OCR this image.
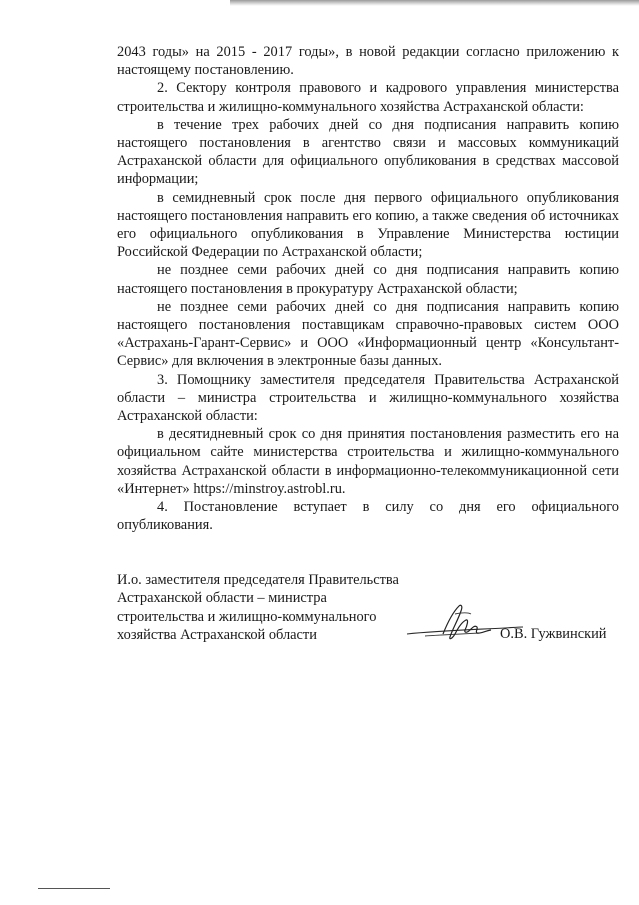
2043 годы» на 2015 - 2017 годы», в новой редакции согласно приложению к настоящему постановлению.

2. Сектору контроля правового и кадрового управления министерства строительства и жилищно-коммунального хозяйства Астраханской области:

в течение трех рабочих дней со дня подписания направить копию настоящего постановления в агентство связи и массовых коммуникаций Астраханской области для официального опубликования в средствах массовой информации;

в семидневный срок после дня первого официального опубликования настоящего постановления направить его копию, а также сведения об источниках его официального опубликования в Управление Министерства юстиции Российской Федерации по Астраханской области;

не позднее семи рабочих дней со дня подписания направить копию настоящего постановления в прокуратуру Астраханской области;

не позднее семи рабочих дней со дня подписания направить копию настоящего постановления поставщикам справочно-правовых систем ООО «Астрахань-Гарант-Сервис» и ООО «Информационный центр «Консультант-Сервис» для включения в электронные базы данных.

3. Помощнику заместителя председателя Правительства Астраханской области – министра строительства и жилищно-коммунального хозяйства Астраханской области:

в десятидневный срок со дня принятия постановления разместить его на официальном сайте министерства строительства и жилищно-коммунального хозяйства Астраханской области в информационно-телекоммуникационной сети «Интернет» https://minstroy.astrobl.ru.

4. Постановление вступает в силу со дня его официального опубликования.

И.о. заместителя председателя Правительства
Астраханской области – министра
строительства и жилищно-коммунального
хозяйства Астраханской области	О.В. Гужвинский
